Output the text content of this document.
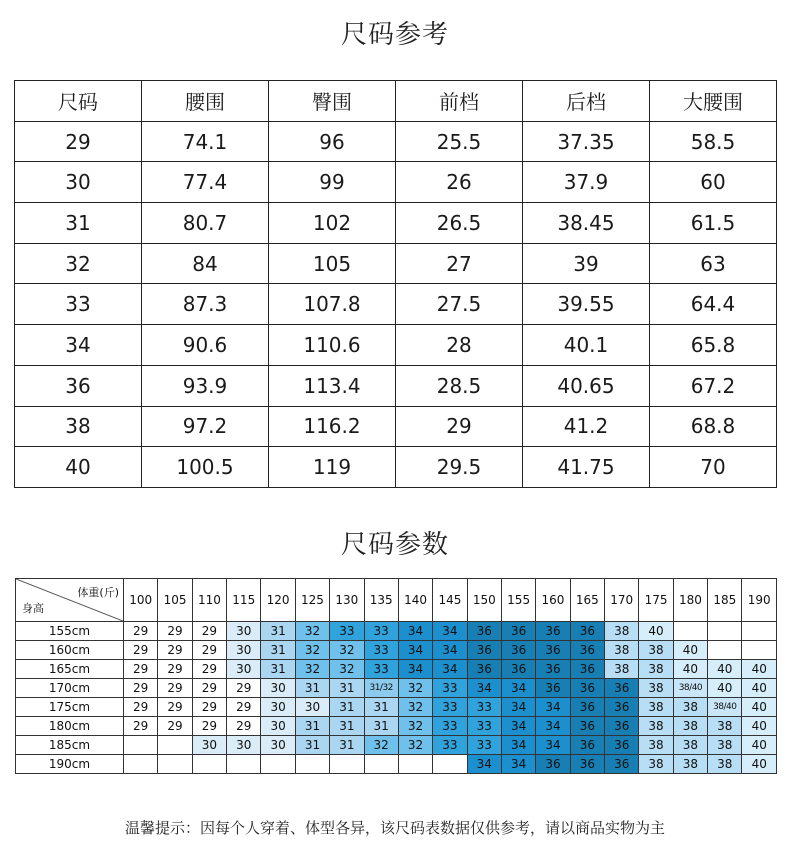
尺码参考
尺码	腰围	臀围	前档	后档	大腰围
29	74.1	96	25.5	37.35	58.5
30	77.4	99	26	37.9	60
31	80.7	102	26.5	38.45	61.5
32	84	105	27	39	63
33	87.3	107.8	27.5	39.55	64.4
34	90.6	110.6	28	40.1	65.8
36	93.9	113.4	28.5	40.65	67.2
38	97.2	116.2	29	41.2	68.8
40	100.5	119	29.5	41.75	70
尺码参数
体重(斤)
身高	100	105	110	115	120	125	130	135	140	145	150	155	160	165	170	175	180	185	190
155cm	29	29	29	30	31	32	33	33	34	34	36	36	36	36	38	40			
160cm	29	29	29	30	31	32	32	33	34	34	36	36	36	36	38	38	40		
165cm	29	29	29	30	31	32	32	33	34	34	36	36	36	36	38	38	40	40	40
170cm	29	29	29	29	30	31	31	31/32	32	33	34	34	36	36	36	38	38/40	40	40
175cm	29	29	29	29	30	30	31	31	32	33	33	34	34	36	36	38	38	38/40	40
180cm	29	29	29	29	30	31	31	31	32	33	33	34	34	36	36	38	38	38	40
185cm			30	30	30	31	31	32	32	33	33	34	34	36	36	38	38	38	40
190cm											34	34	36	36	36	38	38	38	40
温馨提示：因每个人穿着、体型各异，该尺码表数据仅供参考，请以商品实物为主
